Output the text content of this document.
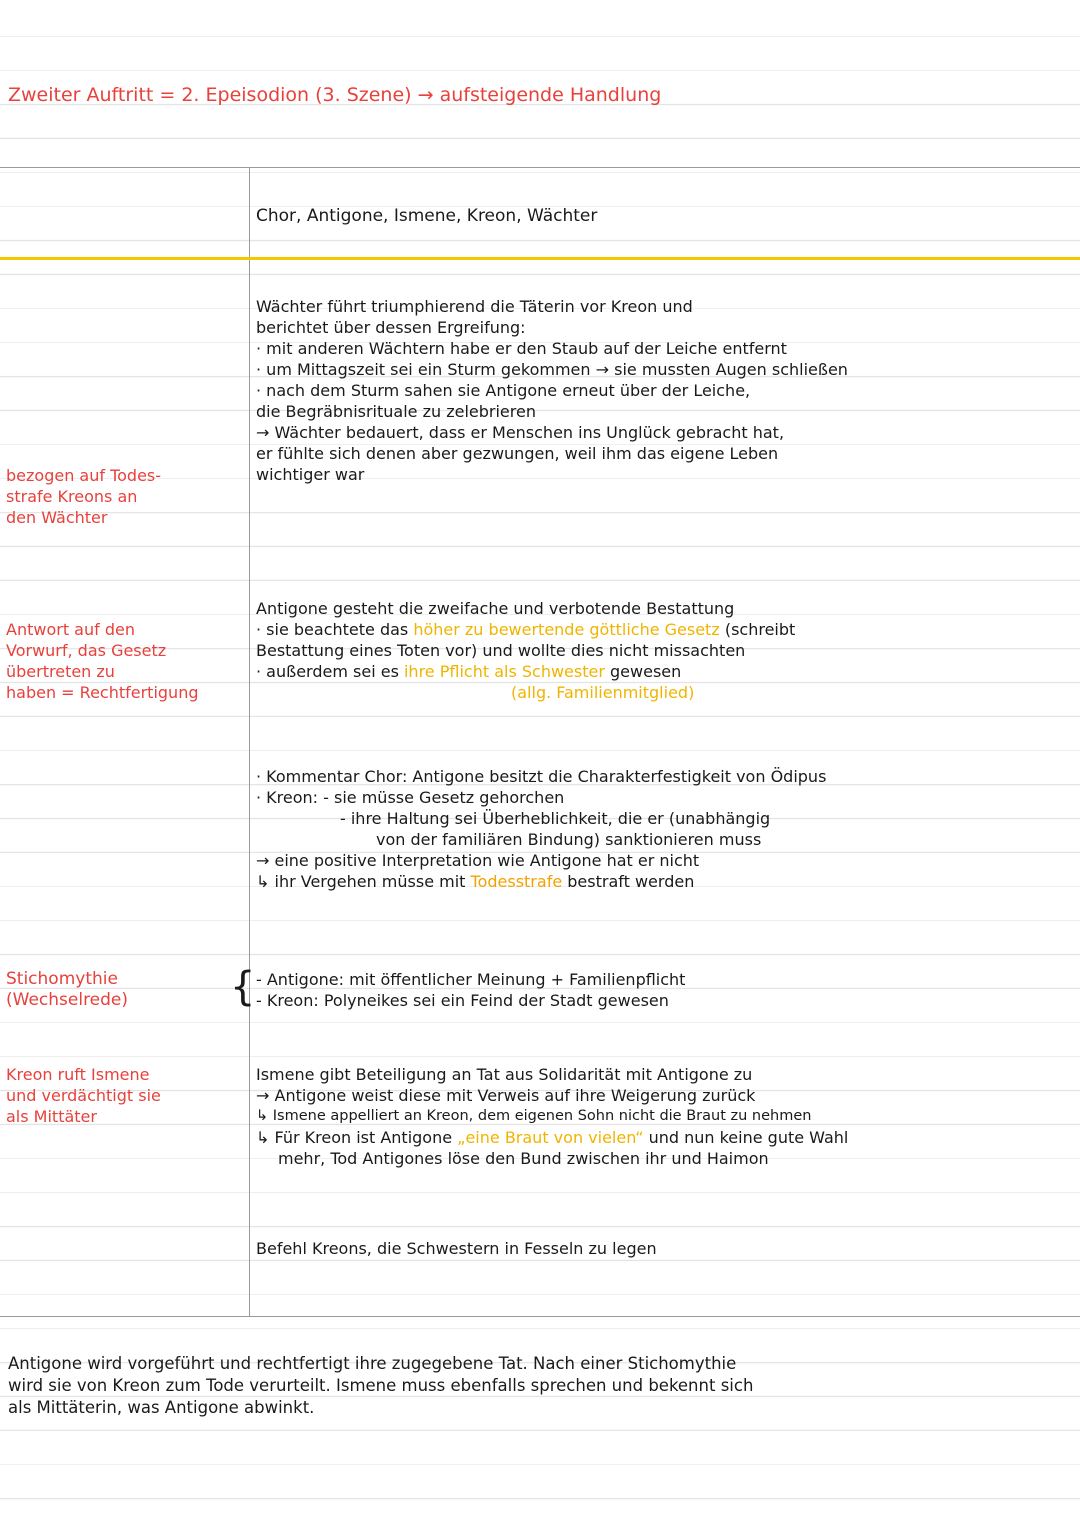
Zweiter Auftritt = 2. Epeisodion (3. Szene) → aufsteigende Handlung
Chor, Antigone, Ismene, Kreon, Wächter
Wächter führt triumphierend die Täterin vor Kreon und
berichtet über dessen Ergreifung:
· mit anderen Wächtern habe er den Staub auf der Leiche entfernt
· um Mittagszeit sei ein Sturm gekommen → sie mussten Augen schließen
· nach dem Sturm sahen sie Antigone erneut über der Leiche,
die Begräbnisrituale zu zelebrieren
→ Wächter bedauert, dass er Menschen ins Unglück gebracht hat,
er fühlte sich denen aber gezwungen, weil ihm das eigene Leben
wichtiger war
bezogen auf Todes-
strafe Kreons an
den Wächter
Antigone gesteht die zweifache und verbotende Bestattung
· sie beachtete das höher zu bewertende göttliche Gesetz (schreibt
Bestattung eines Toten vor) und wollte dies nicht missachten
· außerdem sei es ihre Pflicht als Schwester gewesen
(allg. Familienmitglied)
Antwort auf den
Vorwurf, das Gesetz
übertreten zu
haben = Rechtfertigung
· Kommentar Chor: Antigone besitzt die Charakterfestigkeit von Ödipus
· Kreon: - sie müsse Gesetz gehorchen
- ihre Haltung sei Überheblichkeit, die er (unabhängig
von der familiären Bindung) sanktionieren muss
→ eine positive Interpretation wie Antigone hat er nicht
↳ ihr Vergehen müsse mit Todesstrafe bestraft werden
Stichomythie
(Wechselrede)	{ - Antigone: mit öffentlicher Meinung + Familienpflicht
- Kreon: Polyneikes sei ein Feind der Stadt gewesen
Kreon ruft Ismene
und verdächtigt sie
als Mittäter
Ismene gibt Beteiligung an Tat aus Solidarität mit Antigone zu
→ Antigone weist diese mit Verweis auf ihre Weigerung zurück
↳ Ismene appelliert an Kreon, dem eigenen Sohn nicht die Braut zu nehmen
↳ Für Kreon ist Antigone „eine Braut von vielen“ und nun keine gute Wahl
mehr, Tod Antigones löse den Bund zwischen ihr und Haimon
Befehl Kreons, die Schwestern in Fesseln zu legen
Antigone wird vorgeführt und rechtfertigt ihre zugegebene Tat. Nach einer Stichomythie
wird sie von Kreon zum Tode verurteilt. Ismene muss ebenfalls sprechen und bekennt sich
als Mittäterin, was Antigone abwinkt.
